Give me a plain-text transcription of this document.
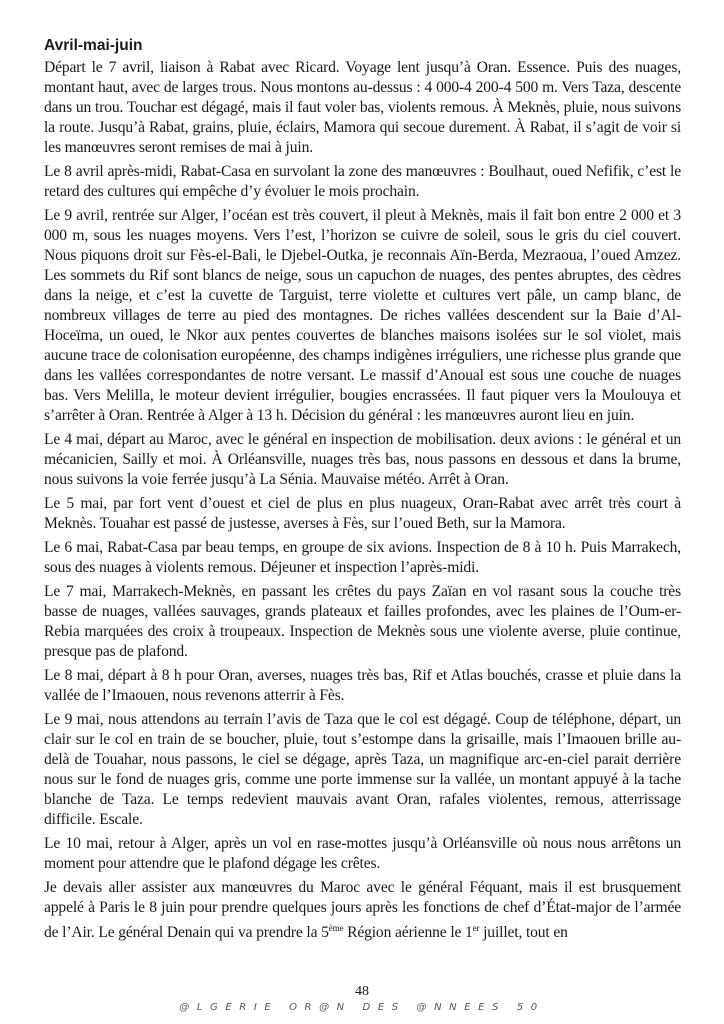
Avril-mai-juin

Départ le 7 avril, liaison à Rabat avec Ricard. Voyage lent jusqu’à Oran. Essence. Puis des nuages, montant haut, avec de larges trous. Nous montons au-dessus : 4 000-4 200-4 500 m. Vers Taza, descente dans un trou. Touchar est dégagé, mais il faut voler bas, violents remous. À Meknès, pluie, nous suivons la route. Jusqu’à Rabat, grains, pluie, éclairs, Mamora qui secoue durement. À Rabat, il s’agit de voir si les manœuvres seront remises de mai à juin.

Le 8 avril après-midi, Rabat-Casa en survolant la zone des manœuvres : Boulhaut, oued Nefifik, c’est le retard des cultures qui empêche d’y évoluer le mois prochain.

Le 9 avril, rentrée sur Alger, l’océan est très couvert, il pleut à Meknès, mais il fait bon entre 2 000 et 3 000 m, sous les nuages moyens. Vers l’est, l’horizon se cuivre de soleil, sous le gris du ciel couvert. Nous piquons droit sur Fès-el-Bali, le Djebel-Outka, je reconnais Aïn-Berda, Mezraoua, l’oued Amzez. Les sommets du Rif sont blancs de neige, sous un capuchon de nuages, des pentes abruptes, des cèdres dans la neige, et c’est la cuvette de Targuist, terre violette et cultures vert pâle, un camp blanc, de nombreux villages de terre au pied des montagnes. De riches vallées descendent sur la Baie d’Al-Hoceïma, un oued, le Nkor aux pentes couvertes de blanches maisons isolées sur le sol violet, mais aucune trace de colonisation européenne, des champs indigènes irréguliers, une richesse plus grande que dans les vallées correspondantes de notre versant. Le massif d’Anoual est sous une couche de nuages bas. Vers Melilla, le moteur devient irrégulier, bougies encrassées. Il faut piquer vers la Moulouya et s’arrêter à Oran. Rentrée à Alger à 13 h. Décision du général : les manœuvres auront lieu en juin.

Le 4 mai, départ au Maroc, avec le général en inspection de mobilisation. deux avions : le général et un mécanicien, Sailly et moi. À Orléansville, nuages très bas, nous passons en dessous et dans la brume, nous suivons la voie ferrée jusqu’à La Sénia. Mauvaise météo. Arrêt à Oran.

Le 5 mai, par fort vent d’ouest et ciel de plus en plus nuageux, Oran-Rabat avec arrêt très court à Meknès. Touahar est passé de justesse, averses à Fès, sur l’oued Beth, sur la Mamora.

Le 6 mai, Rabat-Casa par beau temps, en groupe de six avions. Inspection de 8 à 10 h. Puis Marrakech, sous des nuages à violents remous. Déjeuner et inspection l’après-midi.

Le 7 mai, Marrakech-Meknès, en passant les crêtes du pays Zaïan en vol rasant sous la couche très basse de nuages, vallées sauvages, grands plateaux et failles profondes, avec les plaines de l’Oum-er-Rebia marquées des croix à troupeaux. Inspection de Meknès sous une violente averse, pluie continue, presque pas de plafond.

Le 8 mai, départ à 8 h pour Oran, averses, nuages très bas, Rif et Atlas bouchés, crasse et pluie dans la vallée de l’Imaouen, nous revenons atterrir à Fès.

Le 9 mai, nous attendons au terrain l’avis de Taza que le col est dégagé. Coup de téléphone, départ, un clair sur le col en train de se boucher, pluie, tout s’estompe dans la grisaille, mais l’Imaouen brille au-delà de Touahar, nous passons, le ciel se dégage, après Taza, un magnifique arc-en-ciel parait derrière nous sur le fond de nuages gris, comme une porte immense sur la vallée, un montant appuyé à la tache blanche de Taza. Le temps redevient mauvais avant Oran, rafales violentes, remous, atterrissage difficile. Escale.

Le 10 mai, retour à Alger, après un vol en rase-mottes jusqu’à Orléansville où nous nous arrêtons un moment pour attendre que le plafond dégage les crêtes.

Je devais aller assister aux manœuvres du Maroc avec le général Féquant, mais il est brusquement appelé à Paris le 8 juin pour prendre quelques jours après les fonctions de chef d’État-major de l’armée de l’Air. Le général Denain qui va prendre la 5ème Région aérienne le 1er juillet, tout en

48
@LGERIE OR@N DES @NNEES 50
